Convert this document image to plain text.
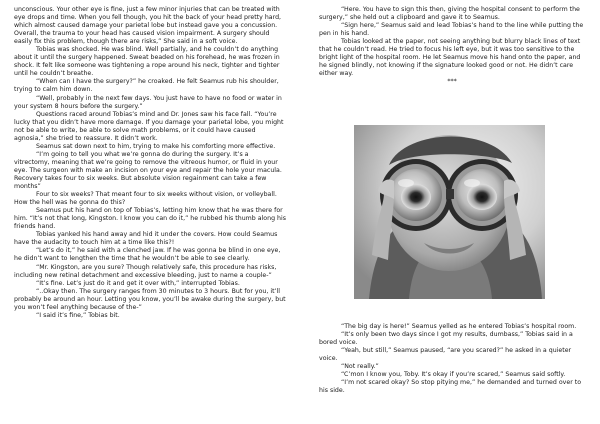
unconscious. Your other eye is fine, just a few minor injuries that can be treated with eye drops and time. When you fell though, you hit the back of your head pretty hard, which almost caused damage your parietal lobe but instead gave you a concussion. Overall, the trauma to your head has caused vision impairment. A surgery should easily fix this problem, though there are risks,” She said in a soft voice.

Tobias was shocked. He was blind. Well partially, and he couldn’t do anything about it until the surgery happened. Sweat beaded on his forehead, he was frozen in shock. It felt like someone was tightening a rope around his neck, tighter and tighter until he couldn’t breathe.

“When can I have the surgery?” he croaked. He felt Seamus rub his shoulder, trying to calm him down.

“Well, probably in the next few days. You just have to have no food or water in your system 8 hours before the surgery.”

Questions raced around Tobias’s mind and Dr. Jones saw his face fall. “You’re lucky that you didn’t have more damage. If you damage your parietal lobe, you might not be able to write, be able to solve math problems, or it could have caused agnosia,” she tried to reassure. It didn’t work.

Seamus sat down next to him, trying to make his comforting more effective.

“I’m going to tell you what we’re gonna do during the surgery. It’s a vitrectomy, meaning that we’re going to remove the vitreous humor, or fluid in your eye. The surgeon with make an incision on your eye and repair the hole your macula. Recovery takes four to six weeks. But absolute vision regainment can take a few months”

Four to six weeks? That meant four to six weeks without vision, or volleyball. How the hell was he gonna do this?

Seamus put his hand on top of Tobias’s, letting him know that he was there for him. “It’s not that long, Kingston. I know you can do it,” he rubbed his thumb along his friends hand.

Tobias yanked his hand away and hid it under the covers. How could Seamus have the audacity to touch him at a time like this?!

“Let’s do it,” he said with a clenched jaw. If he was gonna be blind in one eye, he didn’t want to lengthen the time that he wouldn’t be able to see clearly.

“Mr. Kingston, are you sure? Though relatively safe, this procedure has risks, including new retinal detachment and excessive bleeding, just to name a couple-”

“It’s fine. Let’s just do it and get it over with,” interrupted Tobias.

“..Okay then. The surgery ranges from 30 minutes to 3 hours. But for you, it’ll probably be around an hour. Letting you know, you’ll be awake during the surgery, but you won’t feel anything because of the-”

“I said it’s fine,” Tobias bit.

“Here. You have to sign this then, giving the hospital consent to perform the surgery,” she held out a clipboard and gave it to Seamus.

“Sign here,” Seamus said and lead Tobias’s hand to the line while putting the pen in his hand.

Tobias looked at the paper, not seeing anything but blurry black lines of text that he couldn’t read. He tried to focus his left eye, but it was too sensitive to the bright light of the hospital room. He let Seamus move his hand onto the paper, and he signed blindly, not knowing if the signature looked good or not. He didn’t care either way.

***

“The big day is here!” Seamus yelled as he entered Tobias’s hospital room.

“It’s only been two days since I got my results, dumbass,” Tobias said in a bored voice.

“Yeah, but still,” Seamus paused, “are you scared?” he asked in a quieter voice.

“Not really.”

“C’mon I know you, Toby. It’s okay if you’re scared,” Seamus said softly.

“I’m not scared okay? So stop pitying me,” he demanded and turned over to his side.
